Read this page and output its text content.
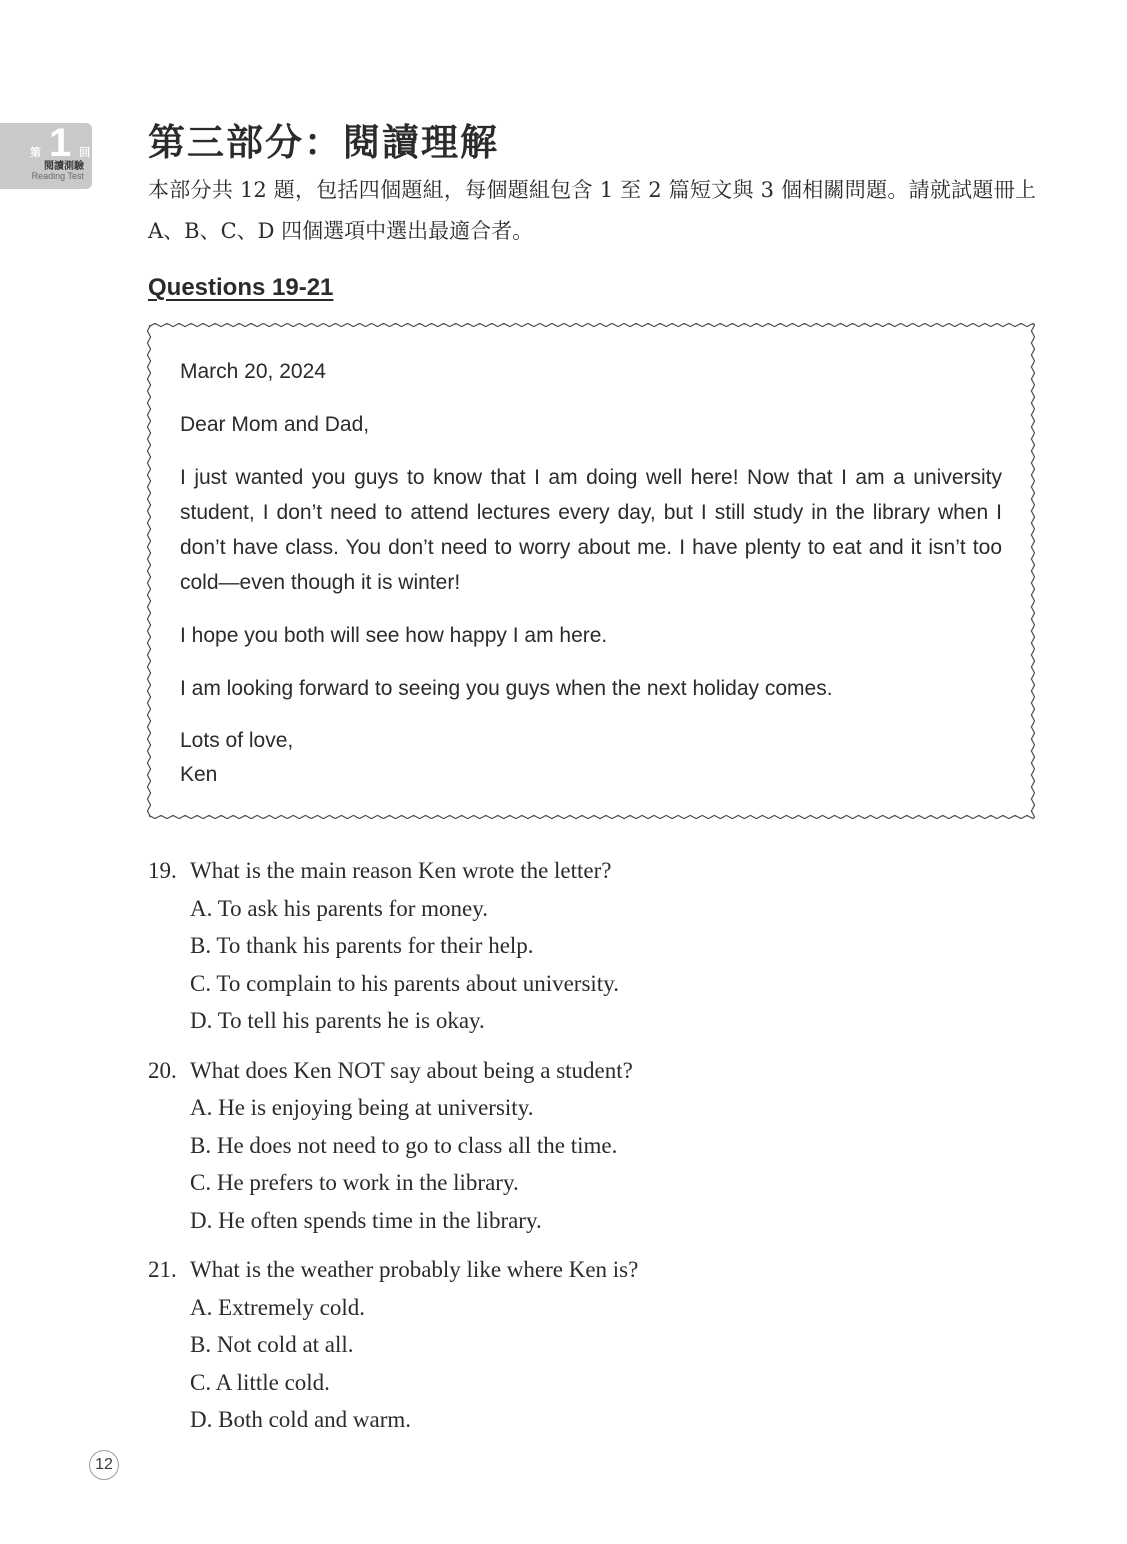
第 1 回
閱讀測驗
Reading Test
第三部分：閱讀理解

本部分共 12 題，包括四個題組，每個題組包含 1 至 2 篇短文與 3 個相關問題。請就試題冊上 A、B、C、D 四個選項中選出最適合者。

Questions 19-21

March 20, 2024

Dear Mom and Dad,

I just wanted you guys to know that I am doing well here! Now that I am a university student, I don’t need to attend lectures every day, but I still study in the library when I don’t have class. You don’t need to worry about me. I have plenty to eat and it isn’t too cold—even though it is winter!

I hope you both will see how happy I am here.

I am looking forward to seeing you guys when the next holiday comes.

Lots of love,

Ken

19. What is the main reason Ken wrote the letter?
A. To ask his parents for money.
B. To thank his parents for their help.
C. To complain to his parents about university.
D. To tell his parents he is okay.
20. What does Ken NOT say about being a student?
A. He is enjoying being at university.
B. He does not need to go to class all the time.
C. He prefers to work in the library.
D. He often spends time in the library.
21. What is the weather probably like where Ken is?
A. Extremely cold.
B. Not cold at all.
C. A little cold.
D. Both cold and warm.
12
